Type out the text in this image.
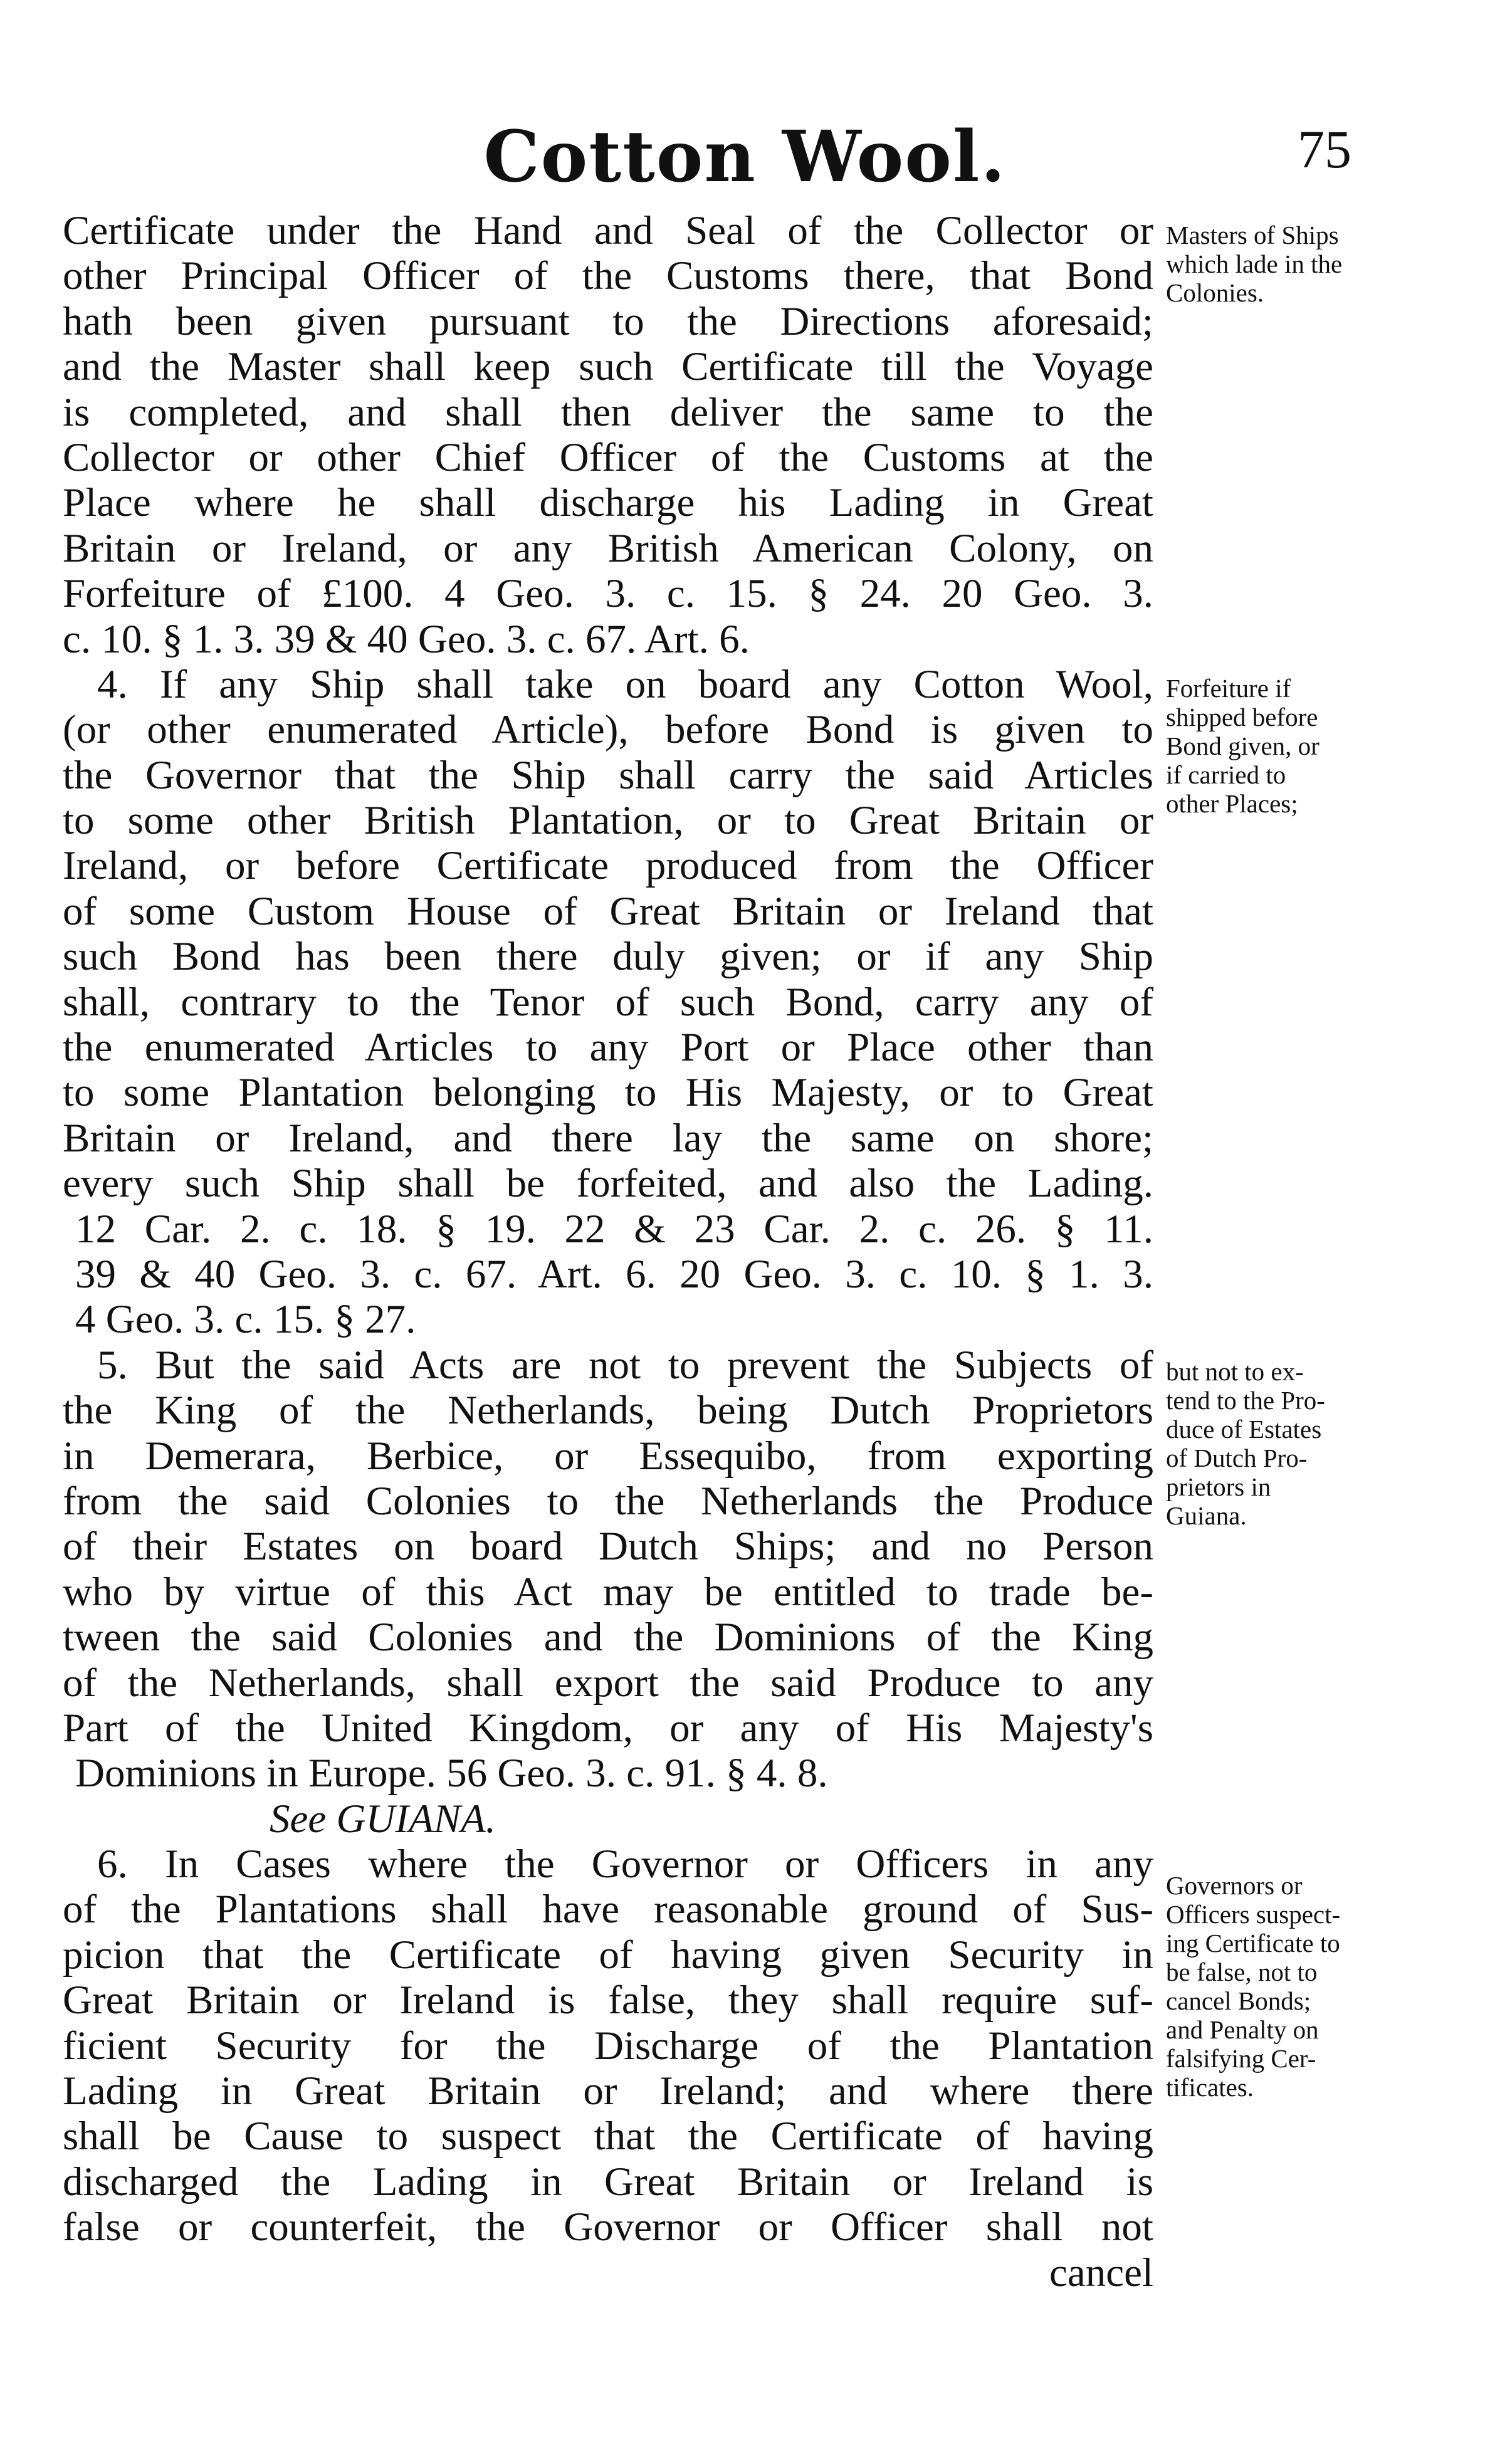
Cotton Wool.	75
Certificate under the Hand and Seal of the Collector or
other Principal Officer of the Customs there, that Bond
hath been given pursuant to the Directions aforesaid;
and the Master shall keep such Certificate till the Voyage
is completed, and shall then deliver the same to the
Collector or other Chief Officer of the Customs at the
Place where he shall discharge his Lading in Great
Britain or Ireland, or any British American Colony, on
Forfeiture of £100. 4 Geo. 3. c. 15. § 24. 20 Geo. 3.
c. 10. § 1. 3. 39 & 40 Geo. 3. c. 67. Art. 6.
4. If any Ship shall take on board any Cotton Wool,
(or other enumerated Article), before Bond is given to
the Governor that the Ship shall carry the said Articles
to some other British Plantation, or to Great Britain or
Ireland, or before Certificate produced from the Officer
of some Custom House of Great Britain or Ireland that
such Bond has been there duly given; or if any Ship
shall, contrary to the Tenor of such Bond, carry any of
the enumerated Articles to any Port or Place other than
to some Plantation belonging to His Majesty, or to Great
Britain or Ireland, and there lay the same on shore;
every such Ship shall be forfeited, and also the Lading.
12 Car. 2. c. 18. § 19. 22 & 23 Car. 2. c. 26. § 11.
39 & 40 Geo. 3. c. 67. Art. 6. 20 Geo. 3. c. 10. § 1. 3.
4 Geo. 3. c. 15. § 27.
5. But the said Acts are not to prevent the Subjects of
the King of the Netherlands, being Dutch Proprietors
in Demerara, Berbice, or Essequibo, from exporting
from the said Colonies to the Netherlands the Produce
of their Estates on board Dutch Ships; and no Person
who by virtue of this Act may be entitled to trade be-
tween the said Colonies and the Dominions of the King
of the Netherlands, shall export the said Produce to any
Part of the United Kingdom, or any of His Majesty's
Dominions in Europe. 56 Geo. 3. c. 91. § 4. 8.
See GUIANA.
6. In Cases where the Governor or Officers in any
of the Plantations shall have reasonable ground of Sus-
picion that the Certificate of having given Security in
Great Britain or Ireland is false, they shall require suf-
ficient Security for the Discharge of the Plantation
Lading in Great Britain or Ireland; and where there
shall be Cause to suspect that the Certificate of having
discharged the Lading in Great Britain or Ireland is
false or counterfeit, the Governor or Officer shall not
cancel
Masters of Ships
which lade in the
Colonies.
Forfeiture if
shipped before
Bond given, or
if carried to
other Places;
but not to ex-
tend to the Pro-
duce of Estates
of Dutch Pro-
prietors in
Guiana.
Governors or
Officers suspect-
ing Certificate to
be false, not to
cancel Bonds;
and Penalty on
falsifying Cer-
tificates.
